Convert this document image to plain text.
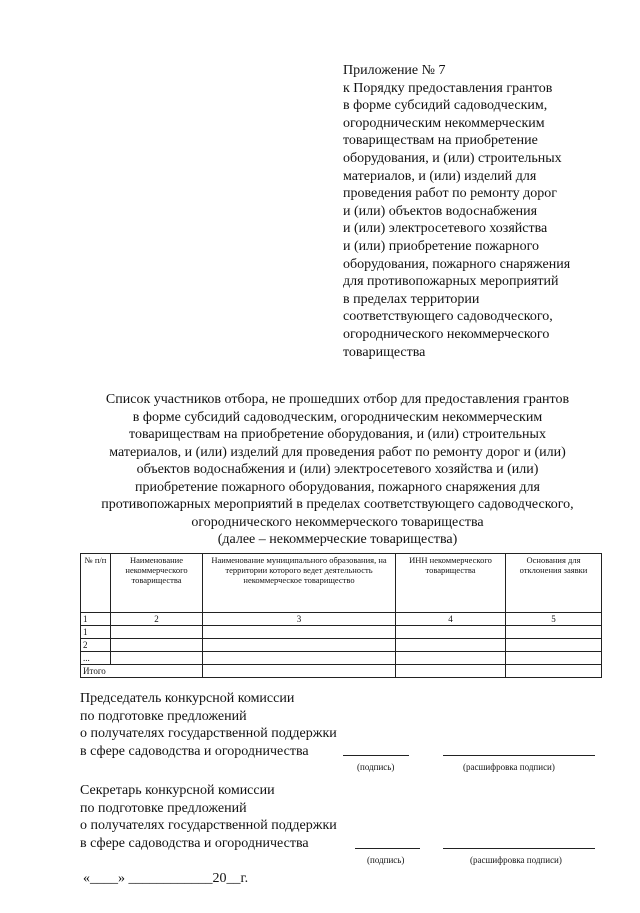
Приложение № 7
к Порядку предоставления грантов
в форме субсидий садоводческим,
огородническим некоммерческим
товариществам на приобретение
оборудования, и (или) строительных
материалов, и (или) изделий для
проведения работ по ремонту дорог
и (или) объектов водоснабжения
и (или) электросетевого хозяйства
и (или) приобретение пожарного
оборудования, пожарного снаряжения
для противопожарных мероприятий
в пределах территории
соответствующего садоводческого,
огороднического некоммерческого
товарищества
Список участников отбора, не прошедших отбор для предоставления грантов
в форме субсидий садоводческим, огородническим некоммерческим
товариществам на приобретение оборудования, и (или) строительных
материалов, и (или) изделий для проведения работ по ремонту дорог и (или)
объектов водоснабжения и (или) электросетевого хозяйства и (или)
приобретение пожарного оборудования, пожарного снаряжения для
противопожарных мероприятий в пределах соответствующего садоводческого,
огороднического некоммерческого товарищества
(далее – некоммерческие товарищества)
№ п/п	Наименование некоммерческого товарищества	Наименование муниципального образования, на территории которого ведет деятельность некоммерческое товарищество	ИНН некоммерческого товарищества	Основания для отклонения заявки
1	2	3	4	5
1				
2				
...				
Итого				
Председатель конкурсной комиссии
по подготовке предложений
о получателях государственной поддержки
в сфере садоводства и огородничества
(подпись)	(расшифровка подписи)
Секретарь конкурсной комиссии
по подготовке предложений
о получателях государственной поддержки
в сфере садоводства и огородничества
(подпись)	(расшифровка подписи)
«____» ____________20__г.
